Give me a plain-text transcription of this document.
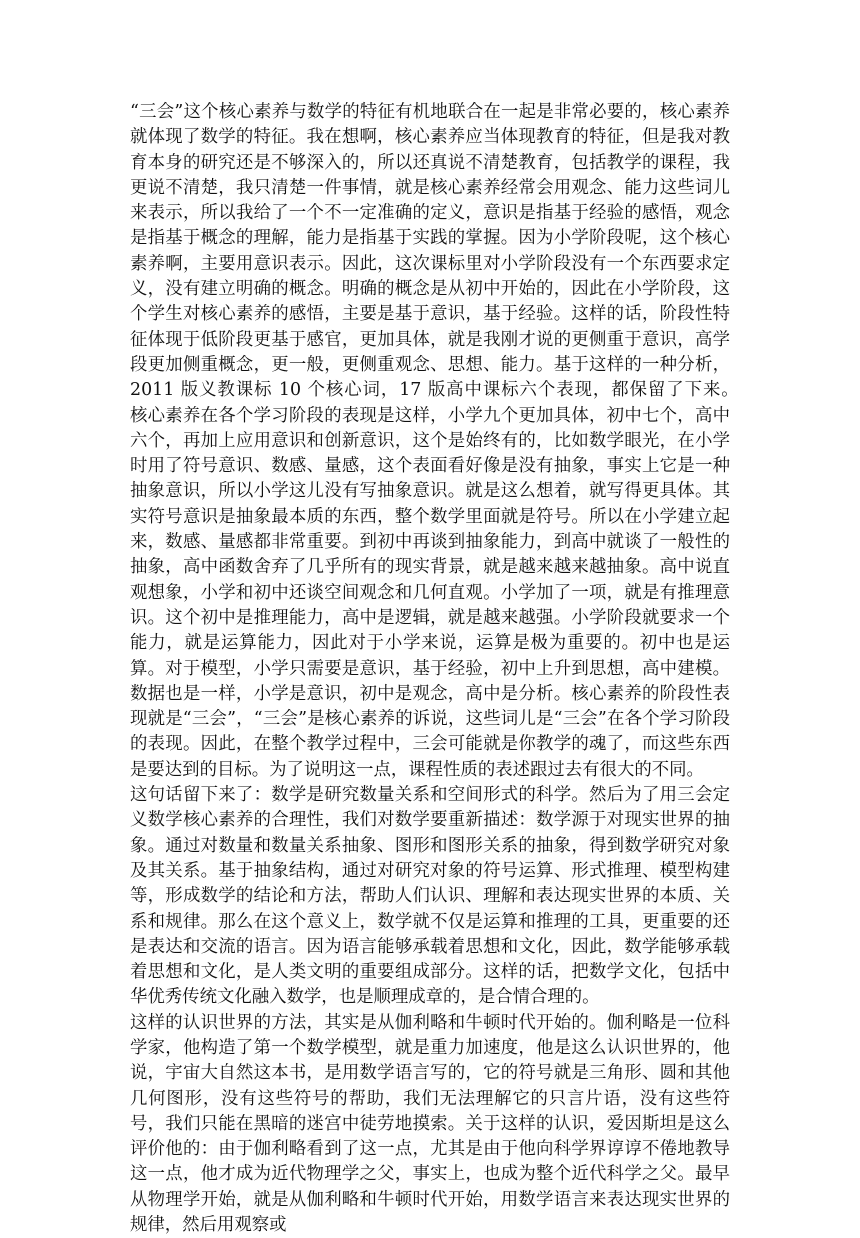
“三会”这个核心素养与数学的特征有机地联合在一起是非常必要的，核心素养就体现了数学的特征。我在想啊，核心素养应当体现教育的特征，但是我对教育本身的研究还是不够深入的，所以还真说不清楚教育，包括教学的课程，我更说不清楚，我只清楚一件事情，就是核心素养经常会用观念、能力这些词儿来表示，所以我给了一个不一定准确的定义，意识是指基于经验的感悟，观念是指基于概念的理解，能力是指基于实践的掌握。因为小学阶段呢，这个核心素养啊，主要用意识表示。因此，这次课标里对小学阶段没有一个东西要求定义，没有建立明确的概念。明确的概念是从初中开始的，因此在小学阶段，这个学生对核心素养的感悟，主要是基于意识，基于经验。这样的话，阶段性特征体现于低阶段更基于感官，更加具体，就是我刚才说的更侧重于意识，高学段更加侧重概念，更一般，更侧重观念、思想、能力。基于这样的一种分析，2011 版义教课标 10 个核心词，17 版高中课标六个表现，都保留了下来。　 核心素养在各个学习阶段的表现是这样，小学九个更加具体，初中七个，高中六个，再加上应用意识和创新意识，这个是始终有的，比如数学眼光，在小学时用了符号意识、数感、量感，这个表面看好像是没有抽象，事实上它是一种抽象意识，所以小学这儿没有写抽象意识。就是这么想着，就写得更具体。其实符号意识是抽象最本质的东西，整个数学里面就是符号。所以在小学建立起来，数感、量感都非常重要。到初中再谈到抽象能力，到高中就谈了一般性的抽象，高中函数舍弃了几乎所有的现实背景，就是越来越来越抽象。高中说直观想象，小学和初中还谈空间观念和几何直观。小学加了一项，就是有推理意识。这个初中是推理能力，高中是逻辑，就是越来越强。小学阶段就要求一个能力，就是运算能力，因此对于小学来说，运算是极为重要的。初中也是运算。对于模型，小学只需要是意识，基于经验，初中上升到思想，高中建模。数据也是一样，小学是意识，初中是观念，高中是分析。核心素养的阶段性表现就是“三会”，“三会”是核心素养的诉说，这些词儿是“三会”在各个学习阶段的表现。因此，在整个教学过程中，三会可能就是你教学的魂了，而这些东西是要达到的目标。为了说明这一点，课程性质的表述跟过去有很大的不同。

这句话留下来了：数学是研究数量关系和空间形式的科学。然后为了用三会定义数学核心素养的合理性，我们对数学要重新描述：数学源于对现实世界的抽象。通过对数量和数量关系抽象、图形和图形关系的抽象，得到数学研究对象及其关系。基于抽象结构，通过对研究对象的符号运算、形式推理、模型构建等，形成数学的结论和方法，帮助人们认识、理解和表达现实世界的本质、关系和规律。那么在这个意义上，数学就不仅是运算和推理的工具，更重要的还是表达和交流的语言。因为语言能够承载着思想和文化，因此，数学能够承载着思想和文化，是人类文明的重要组成部分。这样的话，把数学文化，包括中华优秀传统文化融入数学，也是顺理成章的，是合情合理的。

这样的认识世界的方法，其实是从伽利略和牛顿时代开始的。伽利略是一位科学家，他构造了第一个数学模型，就是重力加速度，他是这么认识世界的，他说，宇宙大自然这本书，是用数学语言写的，它的符号就是三角形、圆和其他几何图形，没有这些符号的帮助，我们无法理解它的只言片语，没有这些符号，我们只能在黑暗的迷宫中徒劳地摸索。关于这样的认识，爱因斯坦是这么评价他的：由于伽利略看到了这一点，尤其是由于他向科学界谆谆不倦地教导这一点，他才成为近代物理学之父，事实上，也成为整个近代科学之父。最早从物理学开始，就是从伽利略和牛顿时代开始，用数学语言来表达现实世界的规律，然后用观察或
